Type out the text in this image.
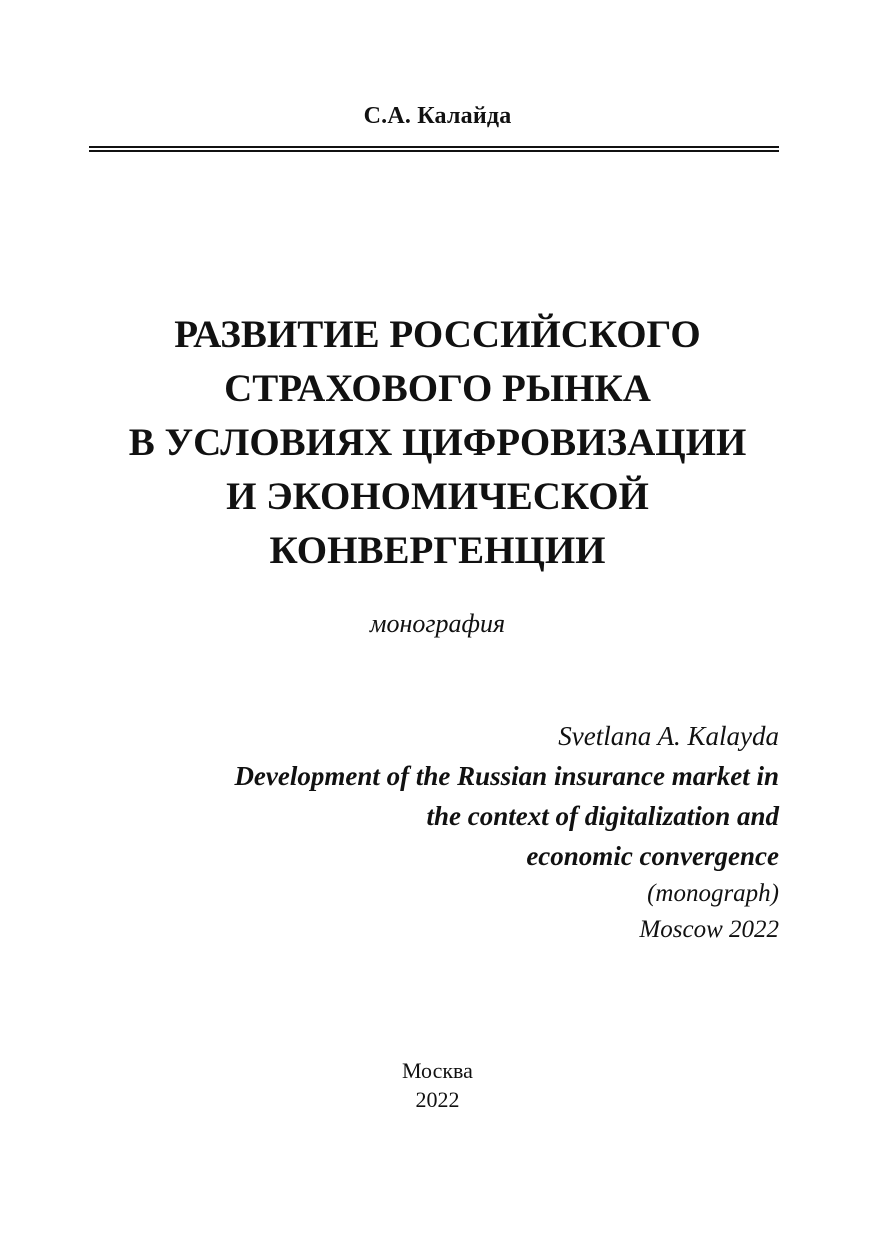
С.А. Калайда
РАЗВИТИЕ РОССИЙСКОГО
СТРАХОВОГО РЫНКА
В УСЛОВИЯХ ЦИФРОВИЗАЦИИ
И ЭКОНОМИЧЕСКОЙ
КОНВЕРГЕНЦИИ
монография
Svetlana A. Kalayda
Development of the Russian insurance market in
the context of digitalization and
economic convergence
(monograph)
Moscow 2022
Москва
2022
